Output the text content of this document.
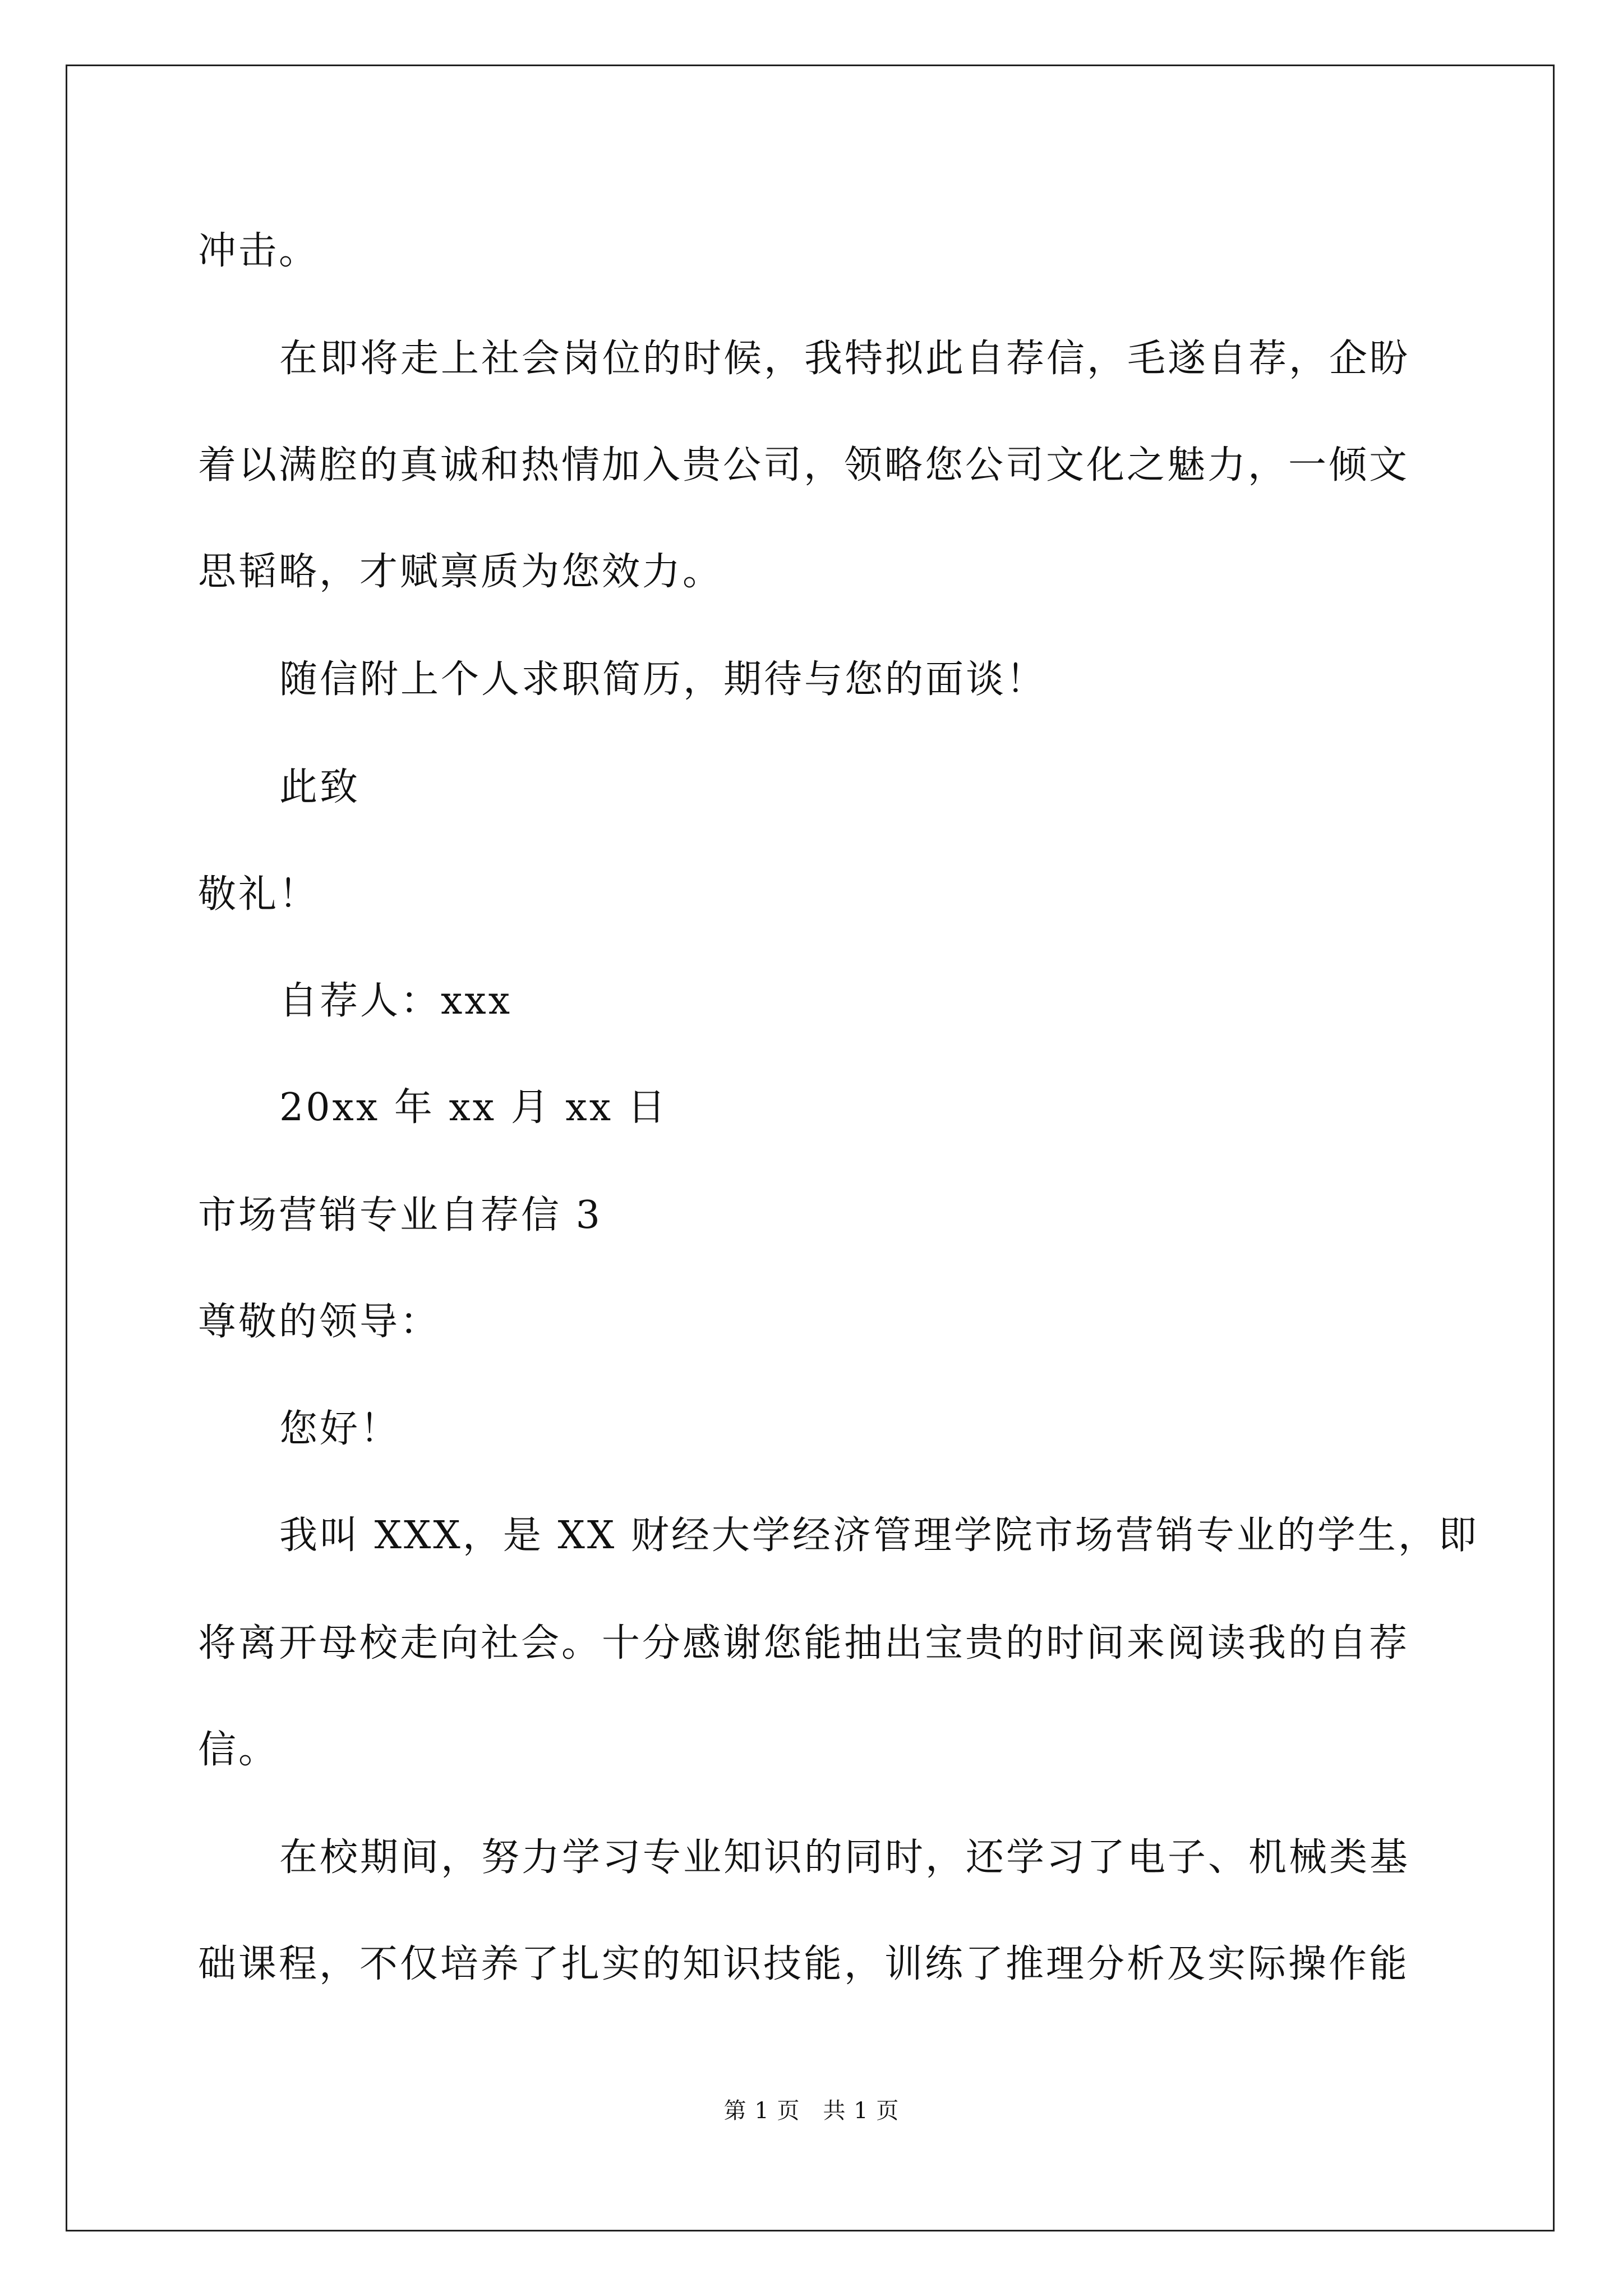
冲击。
在即将走上社会岗位的时候，我特拟此自荐信，毛遂自荐，企盼
着以满腔的真诚和热情加入贵公司，领略您公司文化之魅力，一倾文
思韬略，才赋禀质为您效力。
随信附上个人求职简历，期待与您的面谈！
此致
敬礼！
自荐人：xxx
20xx 年 xx 月 xx 日
市场营销专业自荐信 3
尊敬的领导：
您好！
我叫 XXX，是 XX 财经大学经济管理学院市场营销专业的学生，即
将离开母校走向社会。十分感谢您能抽出宝贵的时间来阅读我的自荐
信。
在校期间，努力学习专业知识的同时，还学习了电子、机械类基
础课程，不仅培养了扎实的知识技能，训练了推理分析及实际操作能
第 1 页　共 1 页
